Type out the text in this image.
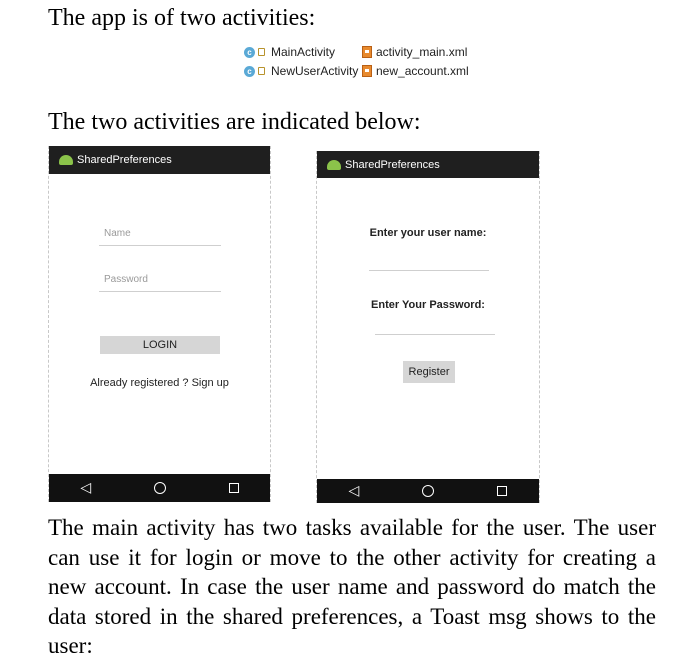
The app is of two activities:
c MainActivity
c NewUserActivity
activity_main.xml
new_account.xml
The two activities are indicated below:
SharedPreferences
Name
Password
LOGIN
Already registered ? Sign up
◁
SharedPreferences
Enter your user name:
Enter Your Password:
Register
◁
The main activity has two tasks available for the user. The user can use it for login or move to the other activity for creating a new account. In case the user name and password do match the data stored in the shared preferences, a Toast msg shows to the user:
